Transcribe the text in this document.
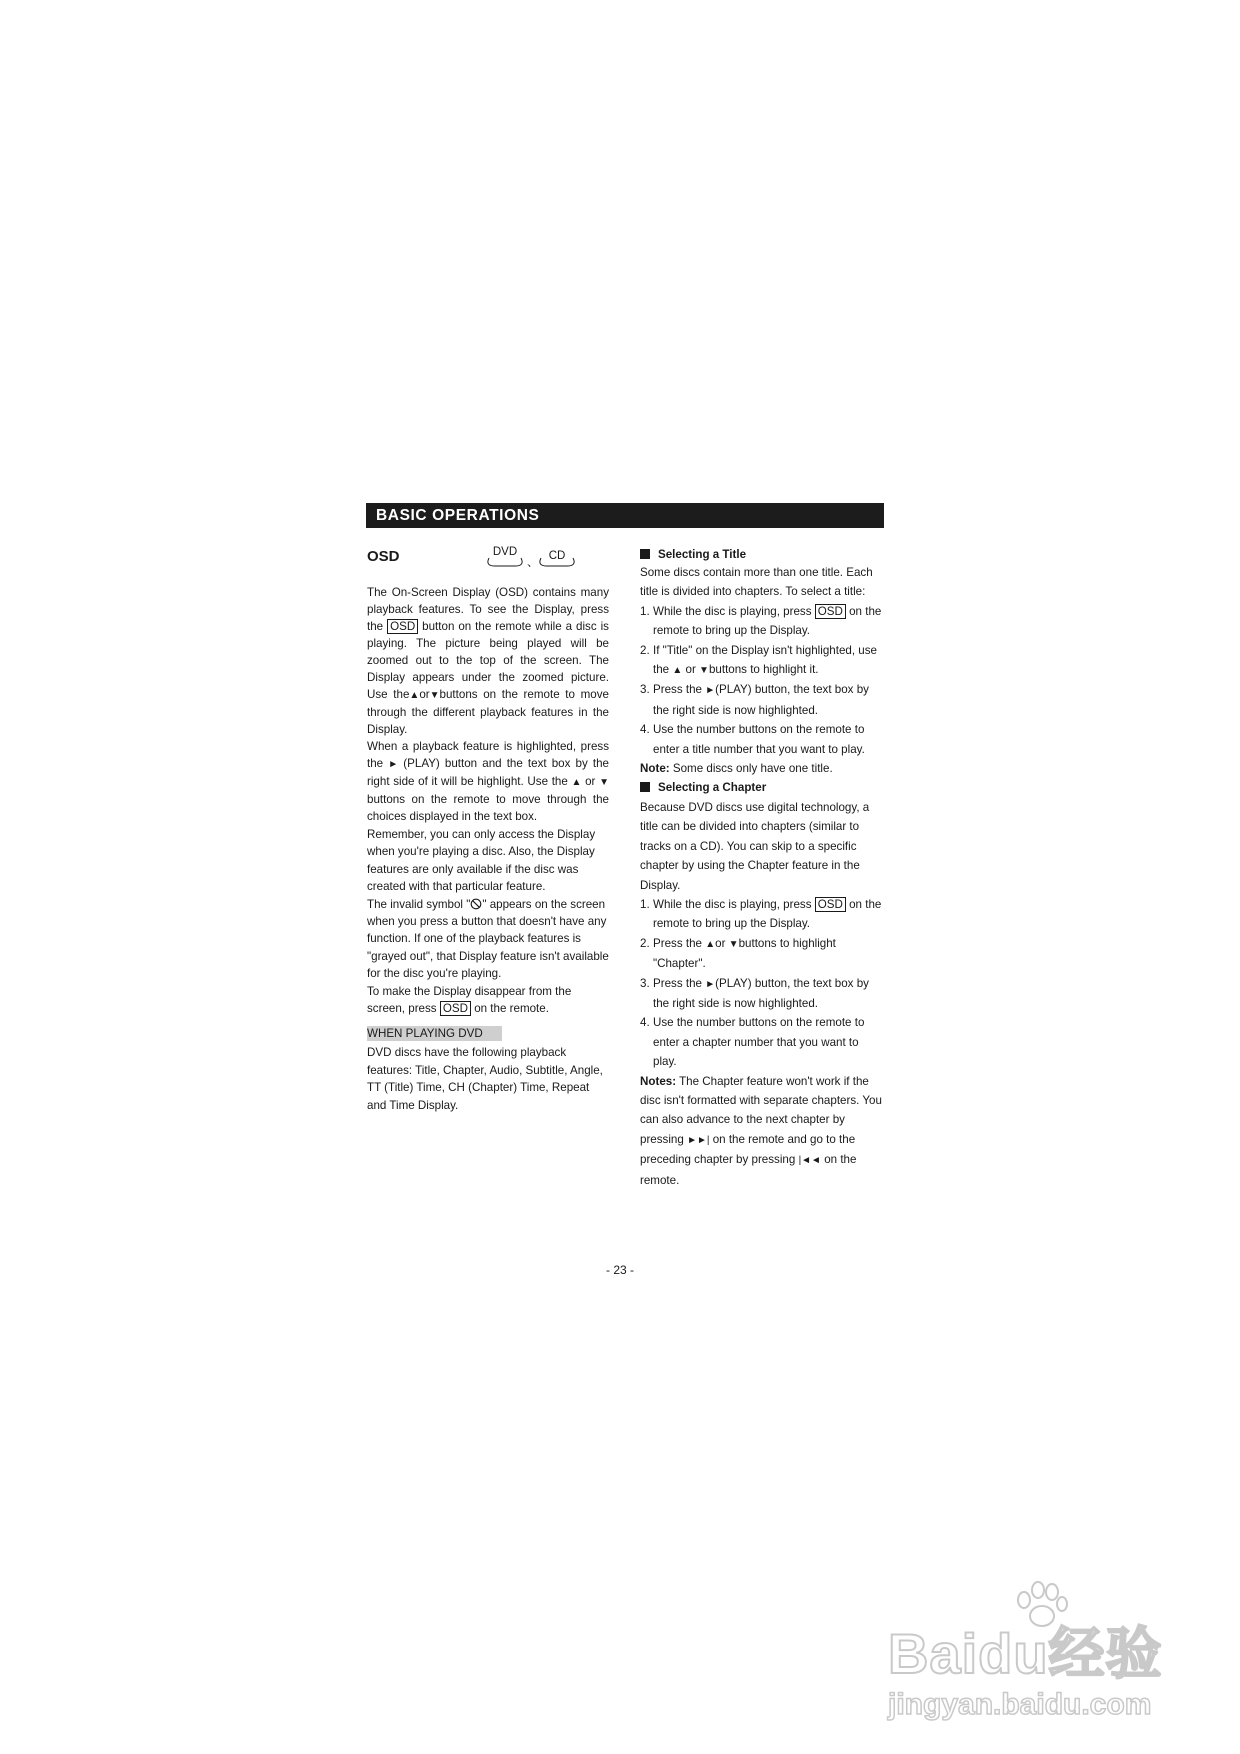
BASIC OPERATIONS
OSD	DVD
、
CD

The On-Screen Display (OSD) contains many playback features. To see the Display, press the OSD button on the remote while a disc is playing. The picture being played will be zoomed out to the top of the screen. The Display appears under the zoomed picture. Use the▲or▼buttons on the remote to move through the different playback features in the Display.

When a playback feature is highlighted, press the ► (PLAY) button and the text box by the right side of it will be highlight. Use the ▲ or ▼ buttons on the remote to move through the choices displayed in the text box.

Remember, you can only access the Display when you're playing a disc. Also, the Display features are only available if the disc was created with that particular feature.

The invalid symbol " " appears on the screen when you press a button that doesn't have any function. If one of the playback features is "grayed out", that Display feature isn't available for the disc you're playing.

To make the Display disappear from the screen, press OSD on the remote.

WHEN PLAYING DVD

DVD discs have the following playback features: Title, Chapter, Audio, Subtitle, Angle, TT (Title) Time, CH (Chapter) Time, Repeat and Time Display.

Selecting a Title

Some discs contain more than one title. Each title is divided into chapters. To select a title:

1. While the disc is playing, press OSD on the remote to bring up the Display.
2. If "Title" on the Display isn't highlighted, use the ▲ or ▼buttons to highlight it.
3. Press the ►(PLAY) button, the text box by the right side is now highlighted.
4. Use the number buttons on the remote to enter a title number that you want to play.

Note: Some discs only have one title.

Selecting a Chapter

Because DVD discs use digital technology, a title can be divided into chapters (similar to tracks on a CD). You can skip to a specific chapter by using the Chapter feature in the Display.

1. While the disc is playing, press OSD on the remote to bring up the Display.
2. Press the ▲or ▼buttons to highlight
"Chapter".
3. Press the ►(PLAY) button, the text box by the right side is now highlighted.
4. Use the number buttons on the remote to enter a chapter number that you want to play.

Notes: The Chapter feature won't work if the disc isn't formatted with separate chapters. You can also advance to the next chapter by pressing ►►| on the remote and go to the preceding chapter by pressing |◄◄ on the remote.

- 23 -
Baidu经验
jingyan.baidu.com
